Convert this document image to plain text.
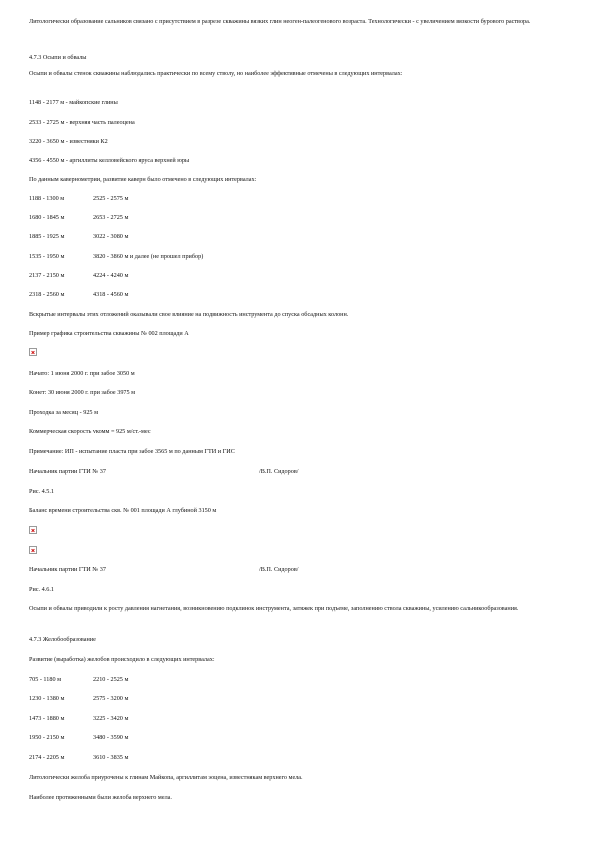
Литологически образование сальников связано с присутствием в разрезе скважины вязких глин неоген-палеогенового возраста. Технологически - с увеличением вязкости бурового раствора.

4.7.3 Осыпи и обвалы

Осыпи и обвалы стенок скважины наблюдались практически по всему стволу, но наиболее эффективные отмечены в следующих интервалах:

1148 - 2177 м - майкопские глины

2533 - 2725 м - верхняя часть палеоцена

3220 - 3650 м - известняки К2

4356 - 4550 м - аргиллиты келловейского яруса верхней юры

По данным кавернометрии, развитие каверн было отмечено в следующих интервалах:

1188 - 1300 м	2525 - 2575 м
1680 - 1845 м	2653 - 2725 м
1885 - 1925 м	3022 - 3080 м
1535 - 1950 м	3820 - 3860 м и далее (не прошел прибор)
2137 - 2150 м	4224 - 4240 м
2318 - 2560 м	4318 - 4560 м

Вскрытые интервалы этих отложений оказывали свое влияние на подвижность инструмента до спуска обсадных колонн.

Пример графика строительства скважины № 002 площади А

Начато: 1 июня 2000 г. при забое 3050 м

Конет: 30 июня 2000 г. при забое 3975 м

Проходка за месяц - 925 м

Коммерческая скорость vкомм = 925 м/ст.-мес

Примечание: ИП - испытание пласта при забое 3565 м по данным ГТИ и ГИС

Начальник партии ГТИ № 37	/В.П. Сидоров/

Рис. 4.5.1

Баланс времени строительства скв. № 001 площади А глубиной 3150 м

Начальник партии ГТИ № 37	/В.П. Сидоров/

Рис. 4.6.1

Осыпи и обвалы приводили к росту давления нагнетания, возникновению подклинок инструмента, затяжек при подъеме, заполнению ствола скважины, усилению сальникообразования.

4.7.3 Желобообразование

Развитие (выработка) желобов происходило в следующих интервалах:

705 - 1180 м	2210 - 2525 м
1230 - 1380 м	2575 - 3200 м
1473 - 1880 м	3225 - 3420 м
1950 - 2150 м	3480 - 3590 м
2174 - 2205 м	3610 - 3835 м

Литологически желоба приурочены к глинам Майкопа, аргиллитам эоцена, известнякам верхнего мела.

Наиболее протяженными были желоба верхнего мела.
